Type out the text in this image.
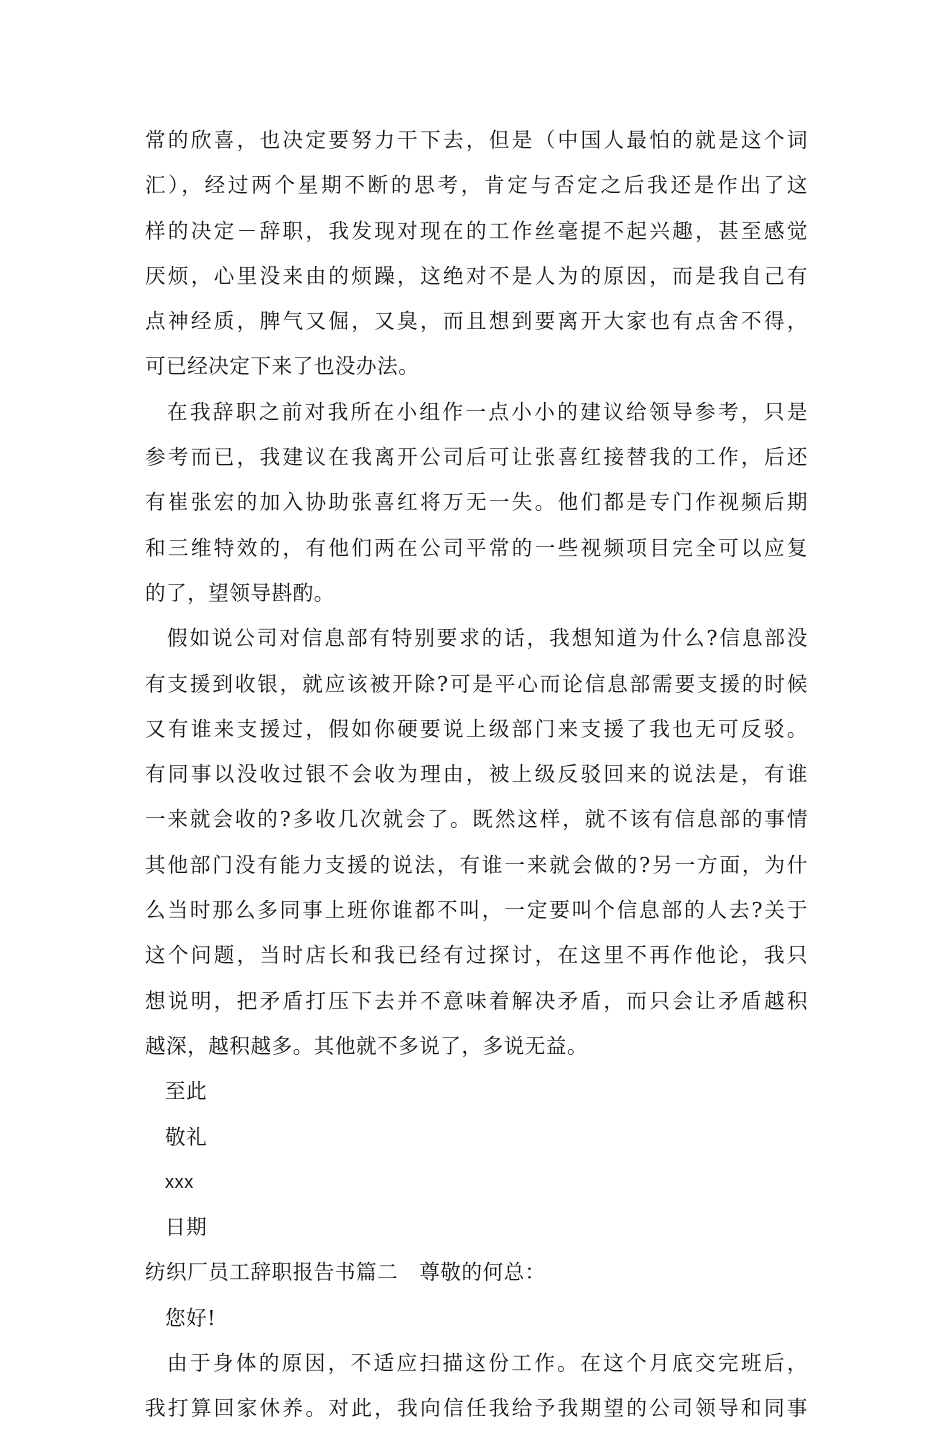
常的欣喜，也决定要努力干下去，但是（中国人最怕的就是这个词
汇），经过两个星期不断的思考，肯定与否定之后我还是作出了这
样的决定－辞职，我发现对现在的工作丝毫提不起兴趣，甚至感觉
厌烦，心里没来由的烦躁，这绝对不是人为的原因，而是我自己有
点神经质，脾气又倔，又臭，而且想到要离开大家也有点舍不得，
可已经决定下来了也没办法。
在我辞职之前对我所在小组作一点小小的建议给领导参考，只是
参考而已，我建议在我离开公司后可让张喜红接替我的工作，后还
有崔张宏的加入协助张喜红将万无一失。他们都是专门作视频后期
和三维特效的，有他们两在公司平常的一些视频项目完全可以应复
的了，望领导斟酌。
假如说公司对信息部有特别要求的话，我想知道为什么?信息部没
有支援到收银，就应该被开除?可是平心而论信息部需要支援的时候
又有谁来支援过，假如你硬要说上级部门来支援了我也无可反驳。
有同事以没收过银不会收为理由，被上级反驳回来的说法是，有谁
一来就会收的?多收几次就会了。既然这样，就不该有信息部的事情
其他部门没有能力支援的说法，有谁一来就会做的?另一方面，为什
么当时那么多同事上班你谁都不叫，一定要叫个信息部的人去?关于
这个问题，当时店长和我已经有过探讨，在这里不再作他论，我只
想说明，把矛盾打压下去并不意味着解决矛盾，而只会让矛盾越积
越深，越积越多。其他就不多说了，多说无益。
至此
敬礼
xxx
日期
纺织厂员工辞职报告书篇二　尊敬的何总：
您好!
由于身体的原因，不适应扫描这份工作。在这个月底交完班后，
我打算回家休养。对此，我向信任我给予我期望的公司领导和同事
